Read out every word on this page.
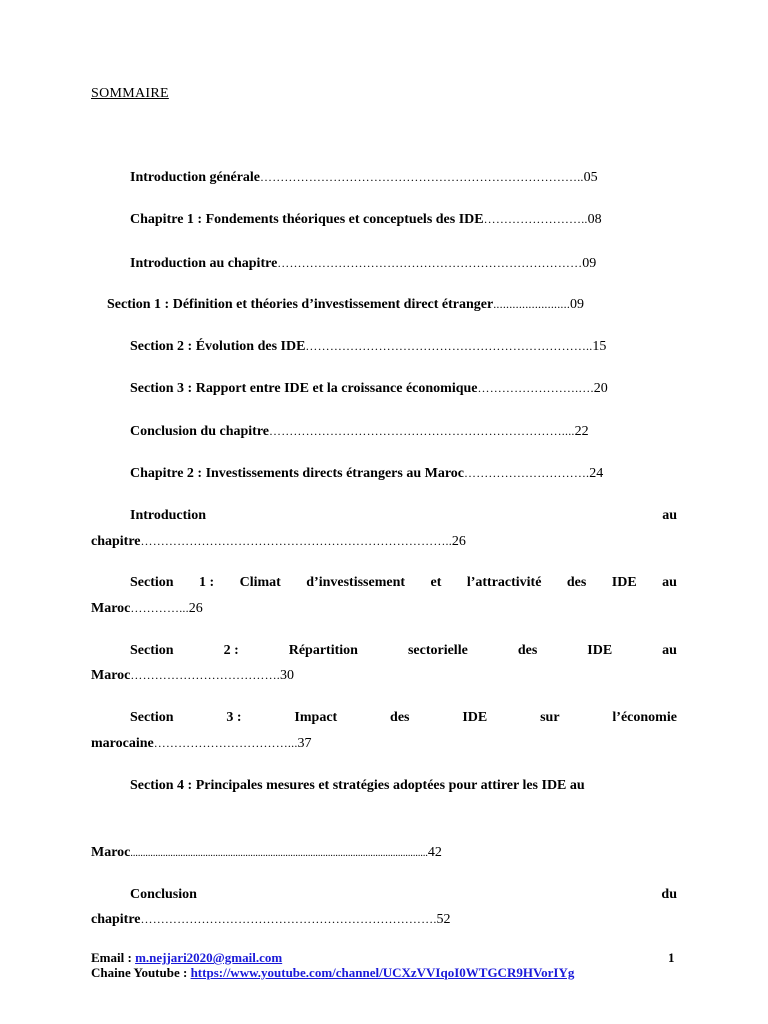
SOMMAIRE
Introduction générale …………………………………………………………………….. 05
Chapitre 1 : Fondements théoriques et conceptuels des IDE …………………….. 08
Introduction au chapitre ………………………………………………………………… 09
Section 1 : Définition et théories d’investissement direct étranger ........................ 09
Section 2 : Évolution des IDE …………………………………………………………….. 15
Section 3 : Rapport entre IDE et la croissance économique …………………….…. 20
Conclusion du chapitre ……………………………………………………………….... 22
Chapitre 2 : Investissements directs étrangers au Maroc …………………………. 24
Introduction	au
chapitre ………………………………………………………………….. 26
Section 1 : Climat d’investissement et l’attractivité des IDE au
Maroc …………... 26
Section	2 :	Répartition	sectorielle	des	IDE	au
Maroc ………………………………. 30
Section	3 :	Impact	des	IDE	sur	l’économie
marocaine ……………………………... 37
Section 4 : Principales mesures et stratégies adoptées pour attirer les IDE au
Maroc ....................................................................................................................... 42
Conclusion	du
chapitre ………………………………………………………………. 52
Email : m.nejjari2020@gmail.com	1
Chaine Youtube : https://www.youtube.com/channel/UCXzVVIqoI0WTGCR9HVorIYg
